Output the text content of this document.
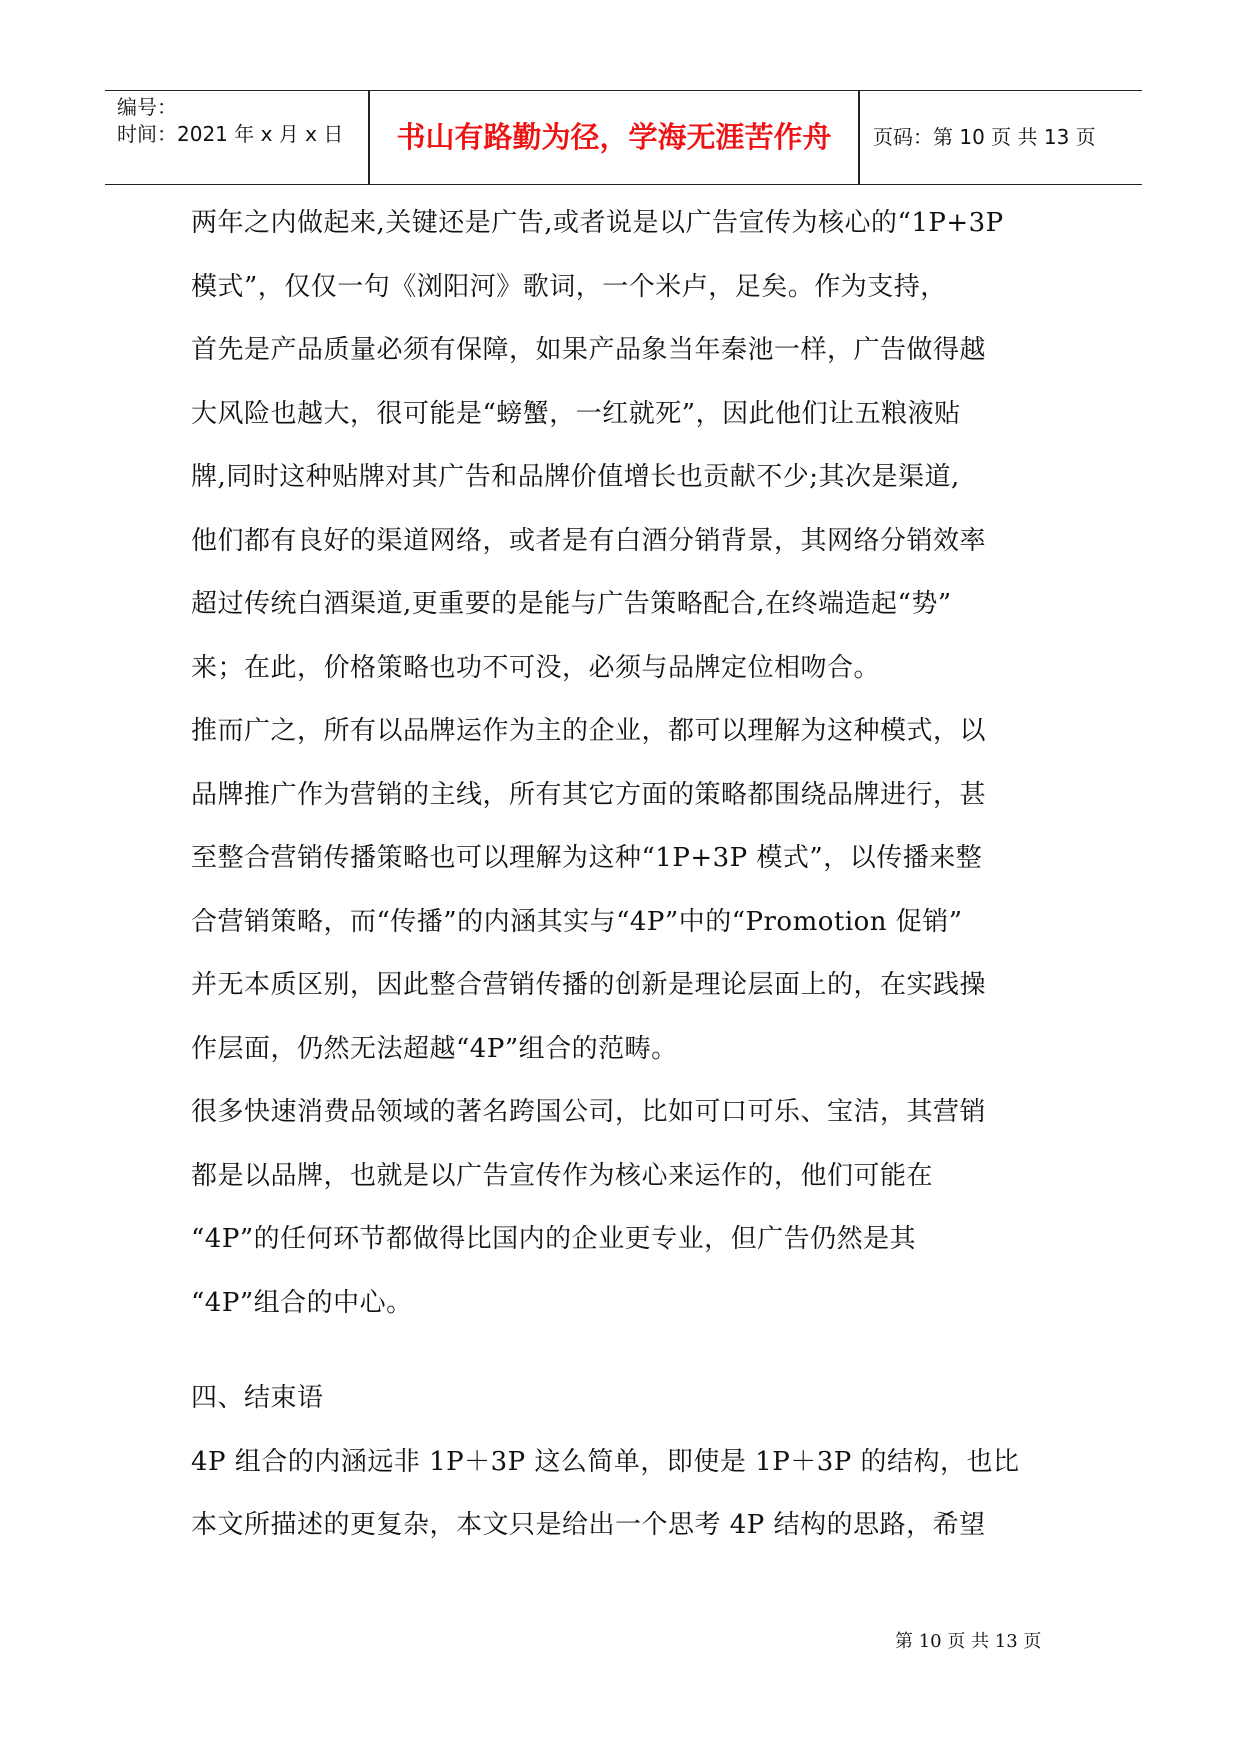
编号：
时间：2021 年 x 月 x 日	书山有路勤为径，学海无涯苦作舟	页码：第 10 页 共 13 页
两年之内做起来,关键还是广告,或者说是以广告宣传为核心的“1P+3P
模式”，仅仅一句《浏阳河》歌词，一个米卢，足矣。作为支持，
首先是产品质量必须有保障，如果产品象当年秦池一样，广告做得越
大风险也越大，很可能是“螃蟹，一红就死”，因此他们让五粮液贴
牌,同时这种贴牌对其广告和品牌价值增长也贡献不少;其次是渠道,
他们都有良好的渠道网络，或者是有白酒分销背景，其网络分销效率
超过传统白酒渠道,更重要的是能与广告策略配合,在终端造起“势”
来；在此，价格策略也功不可没，必须与品牌定位相吻合。
推而广之，所有以品牌运作为主的企业，都可以理解为这种模式，以
品牌推广作为营销的主线，所有其它方面的策略都围绕品牌进行，甚
至整合营销传播策略也可以理解为这种“1P+3P 模式”，以传播来整
合营销策略，而“传播”的内涵其实与“4P”中的“Promotion 促销”
并无本质区别，因此整合营销传播的创新是理论层面上的，在实践操
作层面，仍然无法超越“4P”组合的范畴。
很多快速消费品领域的著名跨国公司，比如可口可乐、宝洁，其营销
都是以品牌，也就是以广告宣传作为核心来运作的，他们可能在
“4P”的任何环节都做得比国内的企业更专业，但广告仍然是其
“4P”组合的中心。
四、结束语
4P 组合的内涵远非 1P＋3P 这么简单，即使是 1P＋3P 的结构，也比
本文所描述的更复杂，本文只是给出一个思考 4P 结构的思路，希望
第 10 页 共 13 页
